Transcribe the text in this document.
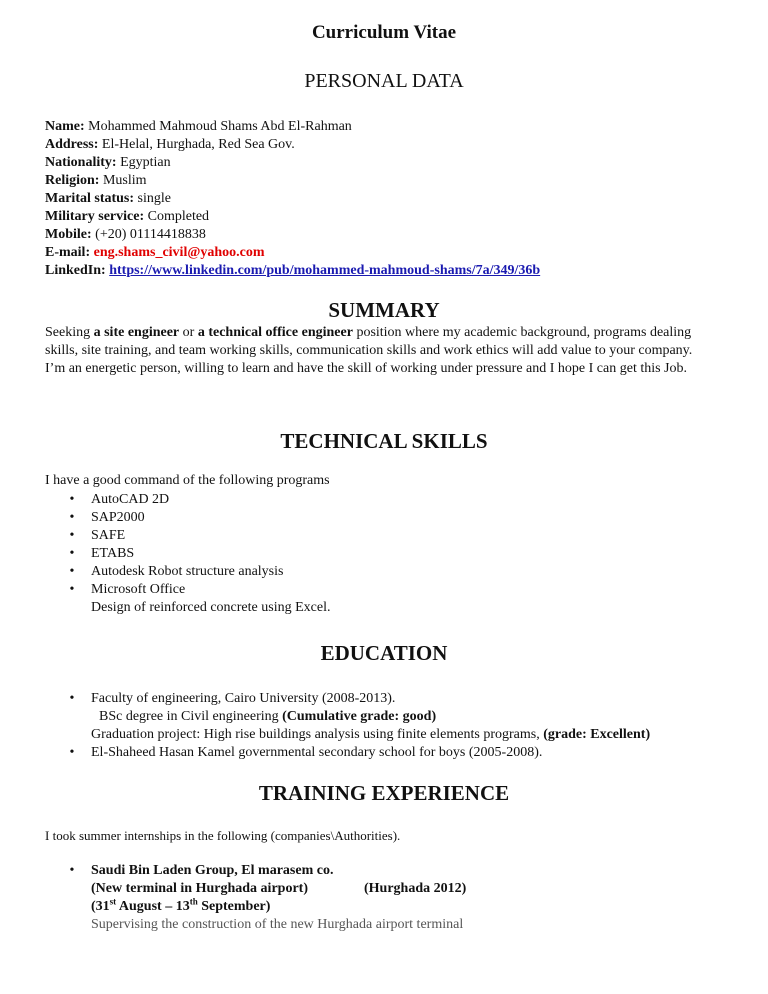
Curriculum Vitae
PERSONAL DATA
Name: Mohammed Mahmoud Shams Abd El-Rahman
Address: El-Helal, Hurghada, Red Sea Gov.
Nationality: Egyptian
Religion: Muslim
Marital status: single
Military service: Completed
Mobile: (+20) 01114418838
E-mail: eng.shams_civil@yahoo.com
LinkedIn: https://www.linkedin.com/pub/mohammed-mahmoud-shams/7a/349/36b
SUMMARY
Seeking a site engineer or a technical office engineer position where my academic background, programs dealing skills, site training, and team working skills, communication skills and work ethics will add value to your company.
I’m an energetic person, willing to learn and have the skill of working under pressure and I hope I can get this Job.
TECHNICAL SKILLS
I have a good command of the following programs
•	AutoCAD 2D
•	SAP2000
•	SAFE
•	ETABS
•	Autodesk Robot structure analysis
•	Microsoft Office
Design of reinforced concrete using Excel.
EDUCATION
•	Faculty of engineering, Cairo University (2008-2013).
BSc degree in Civil engineering (Cumulative grade: good)
Graduation project: High rise buildings analysis using finite elements programs, (grade: Excellent)
•	El-Shaheed Hasan Kamel governmental secondary school for boys (2005-2008).
TRAINING EXPERIENCE
I took summer internships in the following (companies\Authorities).
•	Saudi Bin Laden Group, El marasem co.
(New terminal in Hurghada airport)	(Hurghada 2012)
(31st August – 13th September)
Supervising the construction of the new Hurghada airport terminal
